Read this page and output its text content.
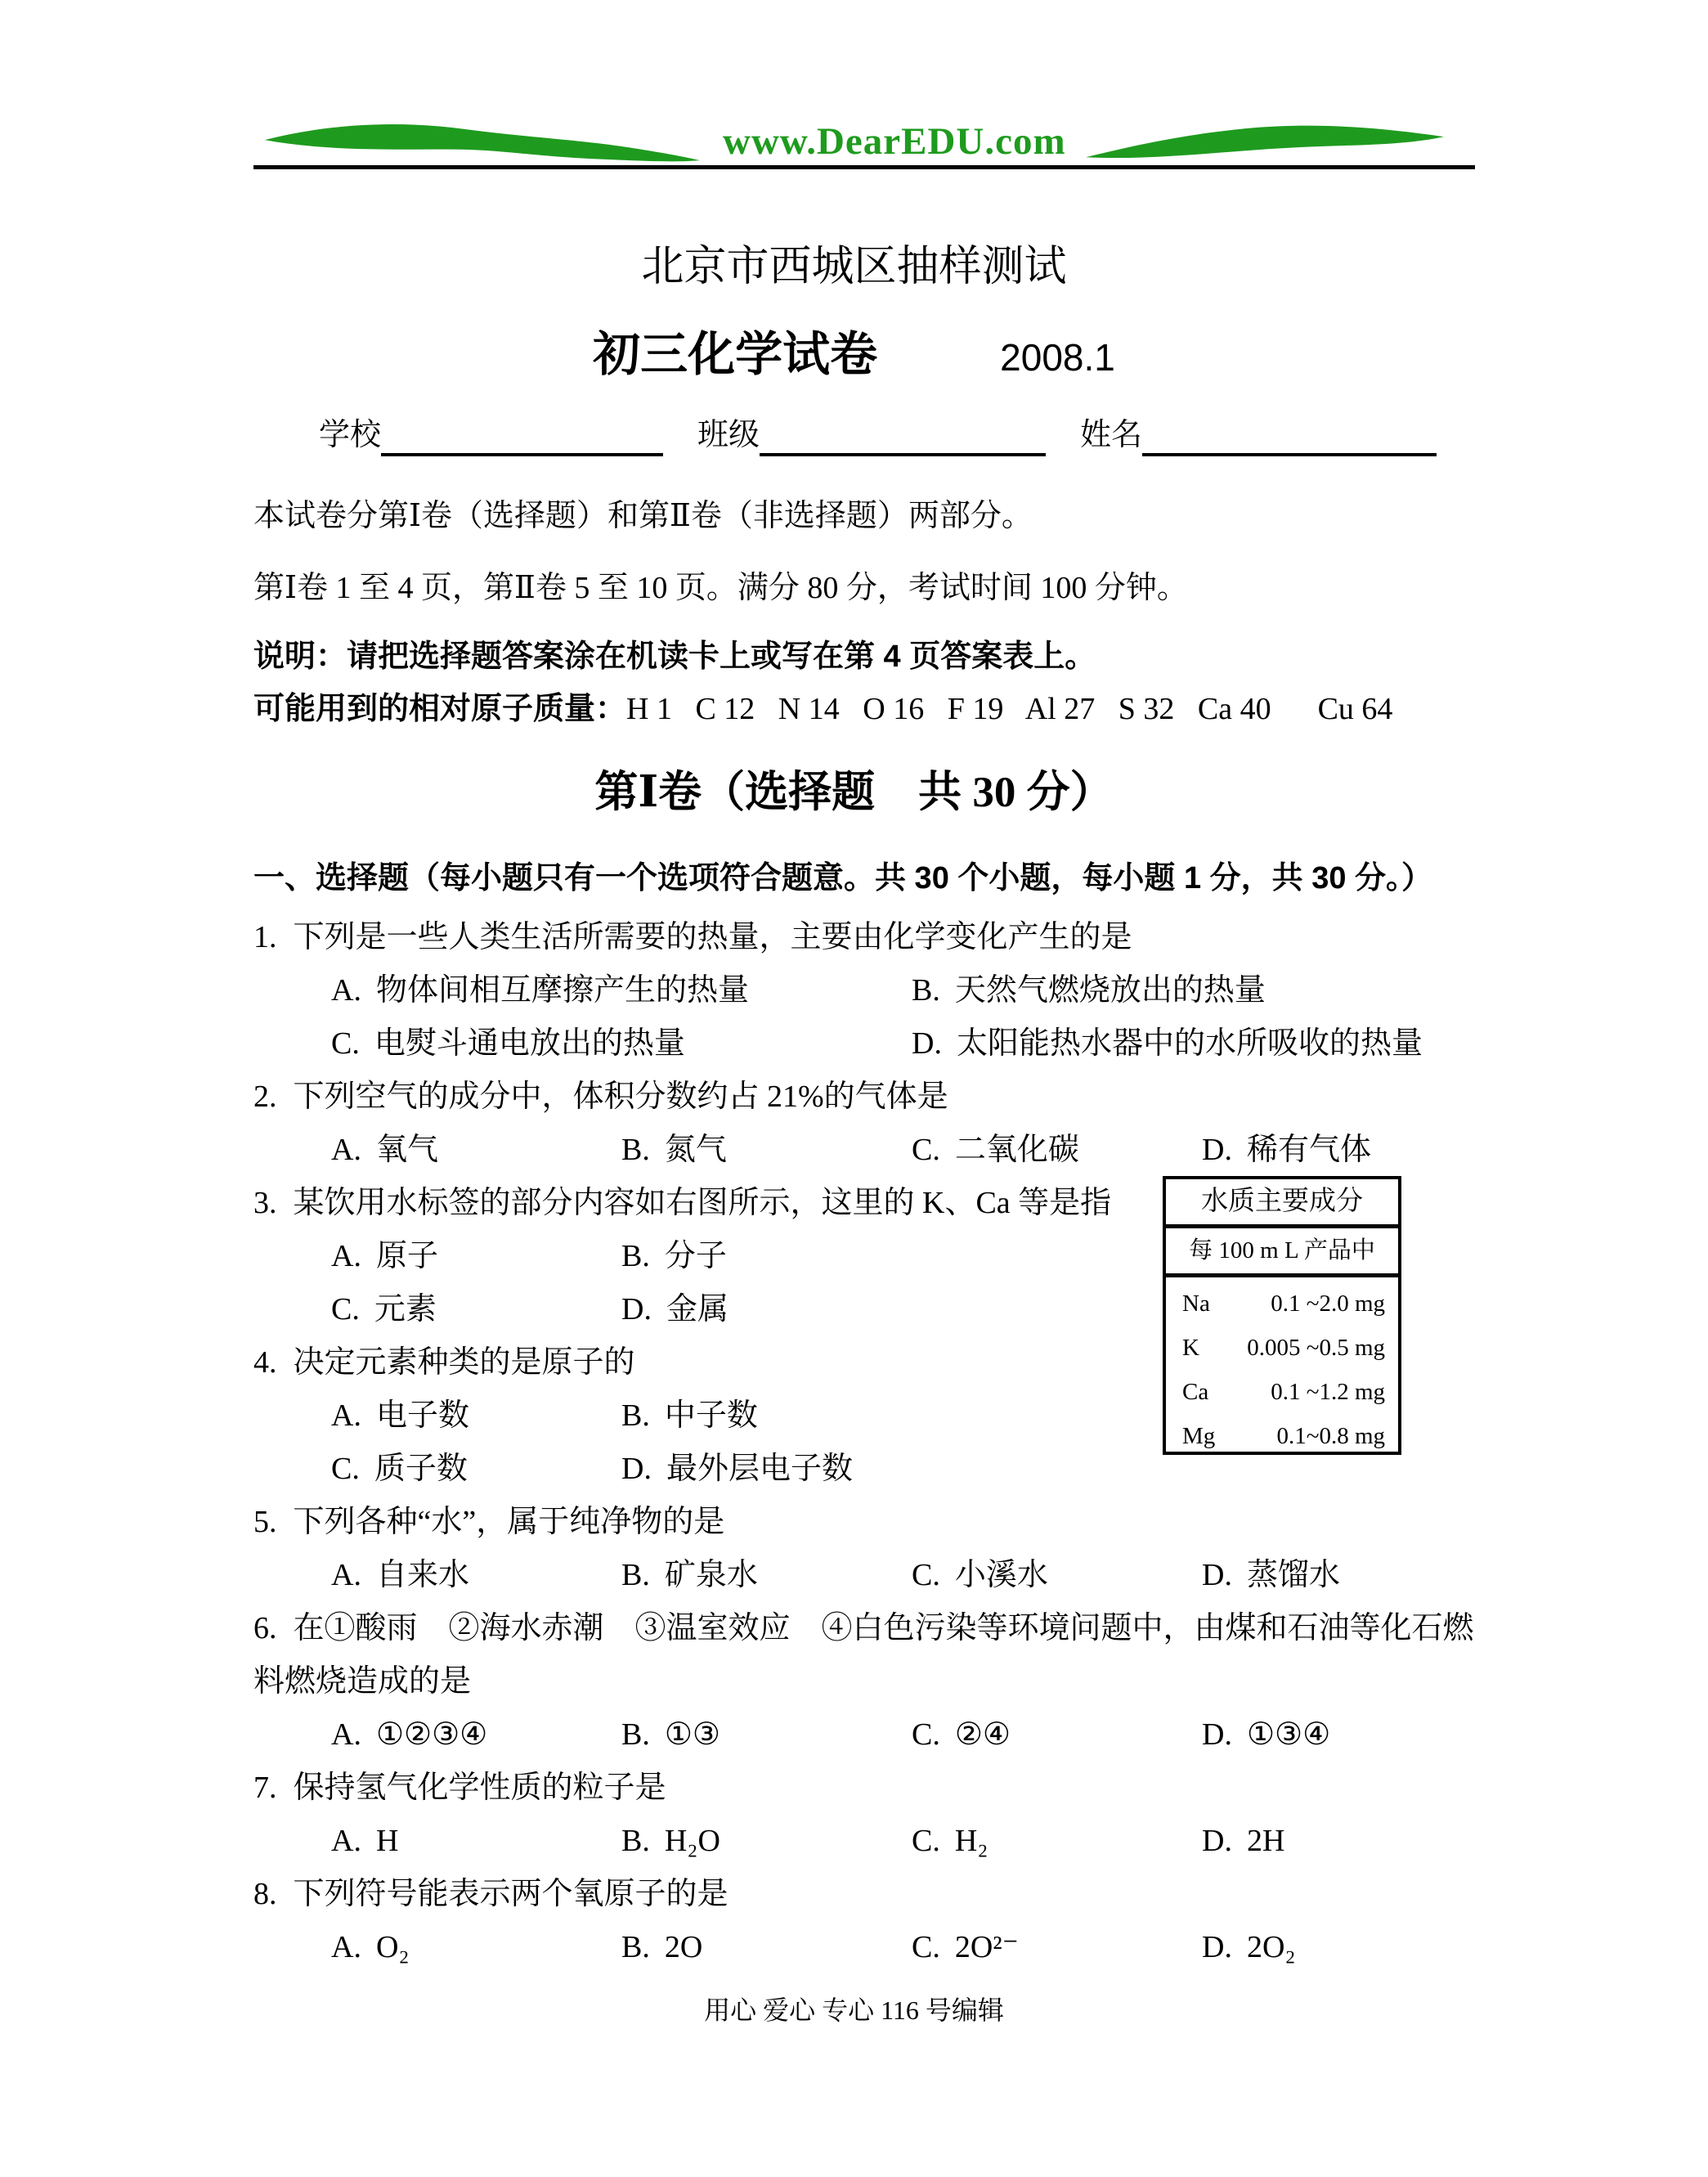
www.DearEDU.com
北京市西城区抽样测试
初三化学试卷	2008.1
学校	班级	姓名

本试卷分第Ⅰ卷（选择题）和第Ⅱ卷（非选择题）两部分。

第Ⅰ卷 1 至 4 页，第Ⅱ卷 5 至 10 页。满分 80 分，考试时间 100 分钟。

说明：请把选择题答案涂在机读卡上或写在第 4 页答案表上。

可能用到的相对原子质量：H 1   C 12   N 14   O 16   F 19   Al 27   S 32   Ca 40      Cu 64

第Ⅰ卷（选择题　共 30 分）

一、选择题（每小题只有一个选项符合题意。共 30 个小题，每小题 1 分，共 30 分。）

1. 下列是一些人类生活所需要的热量，主要由化学变化产生的是

A. 物体间相互摩擦产生的热量	B. 天然气燃烧放出的热量
C. 电熨斗通电放出的热量	D. 太阳能热水器中的水所吸收的热量

2. 下列空气的成分中，体积分数约占 21%的气体是

A. 氧气	B. 氮气	C. 二氧化碳	D. 稀有气体

3. 某饮用水标签的部分内容如右图所示，这里的 K、Ca 等是指

A. 原子	B. 分子
C. 元素	D. 金属

4. 决定元素种类的是原子的

A. 电子数	B. 中子数
C. 质子数	D. 最外层电子数

5. 下列各种“水”，属于纯净物的是

A. 自来水	B. 矿泉水	C. 小溪水	D. 蒸馏水

6. 在①酸雨　②海水赤潮　③温室效应　④白色污染等环境问题中，由煤和石油等化石燃料燃烧造成的是

A. ①②③④	B. ①③	C. ②④	D. ①③④

7. 保持氢气化学性质的粒子是

A. H	B. H₂O	C. H₂	D. 2H

8. 下列符号能表示两个氧原子的是

A. O₂	B. 2O	C. 2O²⁻	D. 2O₂
水质主要成分
每 100 m L 产品中
Na	0.1 ~2.0 mg
K 0.005 ~0.5 mg
Ca	0.1 ~1.2 mg
Mg	0.1~0.8 mg
用心 爱心 专心 116 号编辑
